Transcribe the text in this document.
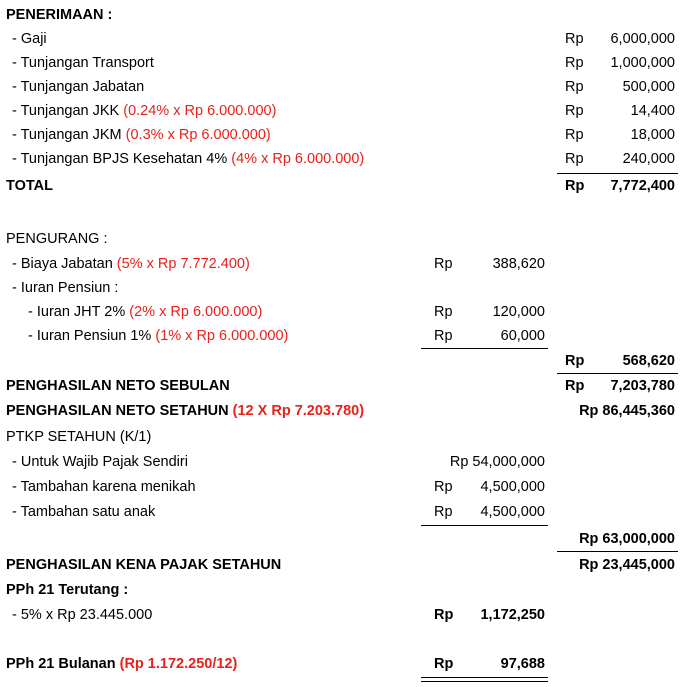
PENERIMAAN :
- Gaji	Rp 6,000,000
- Tunjangan Transport	Rp 1,000,000
- Tunjangan Jabatan	Rp	500,000
- Tunjangan JKK (0.24% x Rp 6.000.000)	Rp	14,400
- Tunjangan JKM (0.3% x Rp 6.000.000)	Rp	18,000
- Tunjangan BPJS Kesehatan 4% (4% x Rp 6.000.000)	Rp	240,000
TOTAL	Rp 7,772,400
PENGURANG :
- Biaya Jabatan (5% x Rp 7.772.400)	Rp	388,620
- Iuran Pensiun :
- Iuran JHT 2% (2% x Rp 6.000.000)	Rp	120,000
- Iuran Pensiun 1% (1% x Rp 6.000.000)	Rp	60,000
Rp	568,620
PENGHASILAN NETO SEBULAN	Rp 7,203,780
PENGHASILAN NETO SETAHUN (12 X Rp 7.203.780)	Rp 86,445,360
PTKP SETAHUN (K/1)
- Untuk Wajib Pajak Sendiri	Rp 54,000,000
- Tambahan karena menikah	Rp 4,500,000
- Tambahan satu anak	Rp 4,500,000
Rp 63,000,000
PENGHASILAN KENA PAJAK SETAHUN	Rp 23,445,000
PPh 21 Terutang :
- 5% x Rp 23.445.000	Rp 1,172,250
PPh 21 Bulanan (Rp 1.172.250/12)	Rp	97,688
